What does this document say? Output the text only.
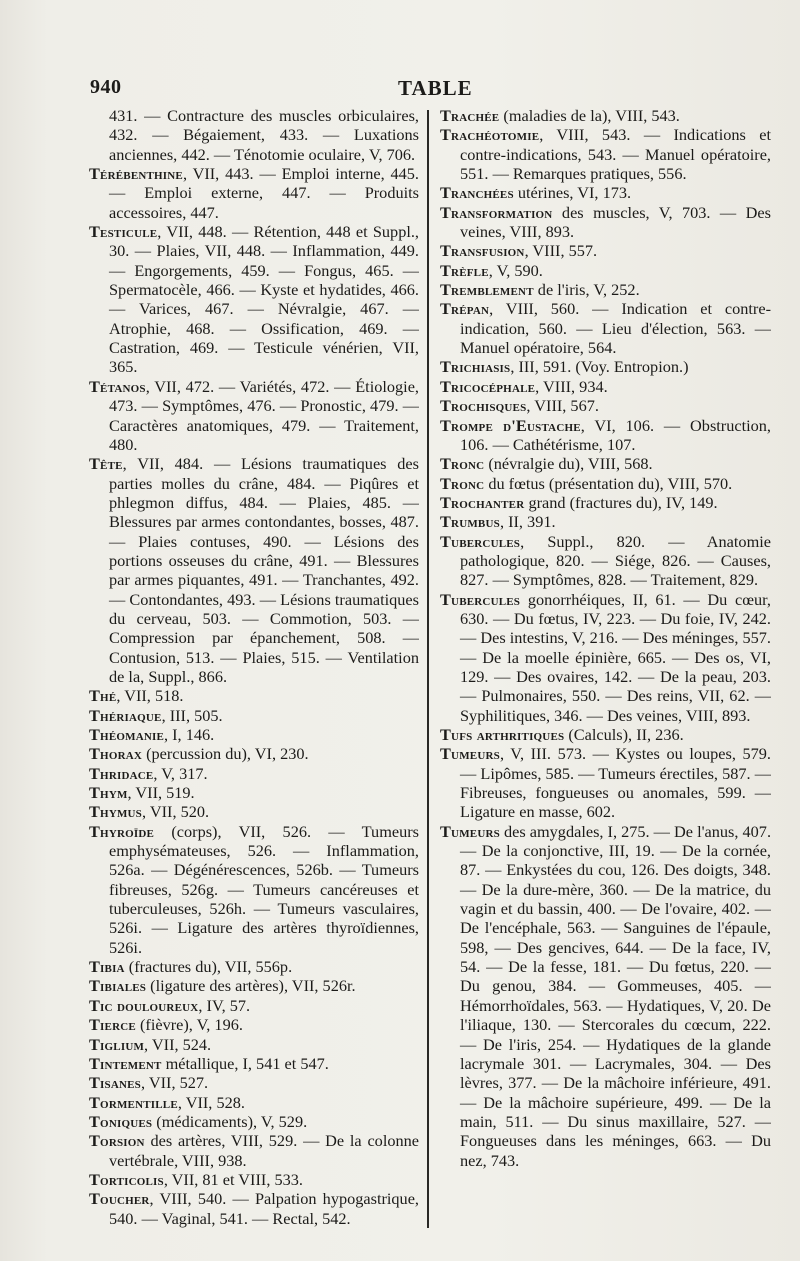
940	TABLE

431. — Contracture des muscles orbiculaires, 432. — Bégaiement, 433. — Luxations anciennes, 442. — Ténotomie oculaire, V, 706.

Térébenthine, VII, 443. — Emploi interne, 445. — Emploi externe, 447. — Produits accessoires, 447.

Testicule, VII, 448. — Rétention, 448 et Suppl., 30. — Plaies, VII, 448. — Inflammation, 449. — Engorgements, 459. — Fongus, 465. — Spermatocèle, 466. — Kyste et hydatides, 466. — Varices, 467. — Névralgie, 467. — Atrophie, 468. — Ossification, 469. — Castration, 469. — Testicule vénérien, VII, 365.

Tétanos, VII, 472. — Variétés, 472. — Étiologie, 473. — Symptômes, 476. — Pronostic, 479. — Caractères anatomiques, 479. — Traitement, 480.

Tête, VII, 484. — Lésions traumatiques des parties molles du crâne, 484. — Piqûres et phlegmon diffus, 484. — Plaies, 485. — Blessures par armes contondantes, bosses, 487. — Plaies contuses, 490. — Lésions des portions osseuses du crâne, 491. — Blessures par armes piquantes, 491. — Tranchantes, 492. — Contondantes, 493. — Lésions traumatiques du cerveau, 503. — Commotion, 503. — Compression par épanchement, 508. — Contusion, 513. — Plaies, 515. — Ventilation de la, Suppl., 866.

Thé, VII, 518.

Thériaque, III, 505.

Théomanie, I, 146.

Thorax (percussion du), VI, 230.

Thridace, V, 317.

Thym, VII, 519.

Thymus, VII, 520.

Thyroïde (corps), VII, 526. — Tumeurs emphysémateuses, 526. — Inflammation, 526a. — Dégénérescences, 526b. — Tumeurs fibreuses, 526g. — Tumeurs cancéreuses et tuberculeuses, 526h. — Tumeurs vasculaires, 526i. — Ligature des artères thyroïdiennes, 526i.

Tibia (fractures du), VII, 556p.

Tibiales (ligature des artères), VII, 526r.

Tic douloureux, IV, 57.

Tierce (fièvre), V, 196.

Tiglium, VII, 524.

Tintement métallique, I, 541 et 547.

Tisanes, VII, 527.

Tormentille, VII, 528.

Toniques (médicaments), V, 529.

Torsion des artères, VIII, 529. — De la colonne vertébrale, VIII, 938.

Torticolis, VII, 81 et VIII, 533.

Toucher, VIII, 540. — Palpation hypogastrique, 540. — Vaginal, 541. — Rectal, 542.

Trachée (maladies de la), VIII, 543.

Trachéotomie, VIII, 543. — Indications et contre-indications, 543. — Manuel opératoire, 551. — Remarques pratiques, 556.

Tranchées utérines, VI, 173.

Transformation des muscles, V, 703. — Des veines, VIII, 893.

Transfusion, VIII, 557.

Trèfle, V, 590.

Tremblement de l'iris, V, 252.

Trépan, VIII, 560. — Indication et contre-indication, 560. — Lieu d'élection, 563. — Manuel opératoire, 564.

Trichiasis, III, 591. (Voy. Entropion.)

Tricocéphale, VIII, 934.

Trochisques, VIII, 567.

Trompe d'Eustache, VI, 106. — Obstruction, 106. — Cathétérisme, 107.

Tronc (névralgie du), VIII, 568.

Tronc du fœtus (présentation du), VIII, 570.

Trochanter grand (fractures du), IV, 149.

Trumbus, II, 391.

Tubercules, Suppl., 820. — Anatomie pathologique, 820. — Siége, 826. — Causes, 827. — Symptômes, 828. — Traitement, 829.

Tubercules gonorrhéiques, II, 61. — Du cœur, 630. — Du fœtus, IV, 223. — Du foie, IV, 242. — Des intestins, V, 216. — Des méninges, 557. — De la moelle épinière, 665. — Des os, VI, 129. — Des ovaires, 142. — De la peau, 203. — Pulmonaires, 550. — Des reins, VII, 62. — Syphilitiques, 346. — Des veines, VIII, 893.

Tufs arthritiques (Calculs), II, 236.

Tumeurs, V, III. 573. — Kystes ou loupes, 579. — Lipômes, 585. — Tumeurs érectiles, 587. — Fibreuses, fongueuses ou anomales, 599. — Ligature en masse, 602.

Tumeurs des amygdales, I, 275. — De l'anus, 407. — De la conjonctive, III, 19. — De la cornée, 87. — Enkystées du cou, 126. Des doigts, 348. — De la dure-mère, 360. — De la matrice, du vagin et du bassin, 400. — De l'ovaire, 402. — De l'encéphale, 563. — Sanguines de l'épaule, 598, — Des gencives, 644. — De la face, IV, 54. — De la fesse, 181. — Du fœtus, 220. — Du genou, 384. — Gommeuses, 405. — Hémorrhoïdales, 563. — Hydatiques, V, 20. De l'iliaque, 130. — Stercorales du cœcum, 222. — De l'iris, 254. — Hydatiques de la glande lacrymale 301. — Lacrymales, 304. — Des lèvres, 377. — De la mâchoire inférieure, 491. — De la mâchoire supérieure, 499. — De la main, 511. — Du sinus maxillaire, 527. — Fongueuses dans les méninges, 663. — Du nez, 743.
